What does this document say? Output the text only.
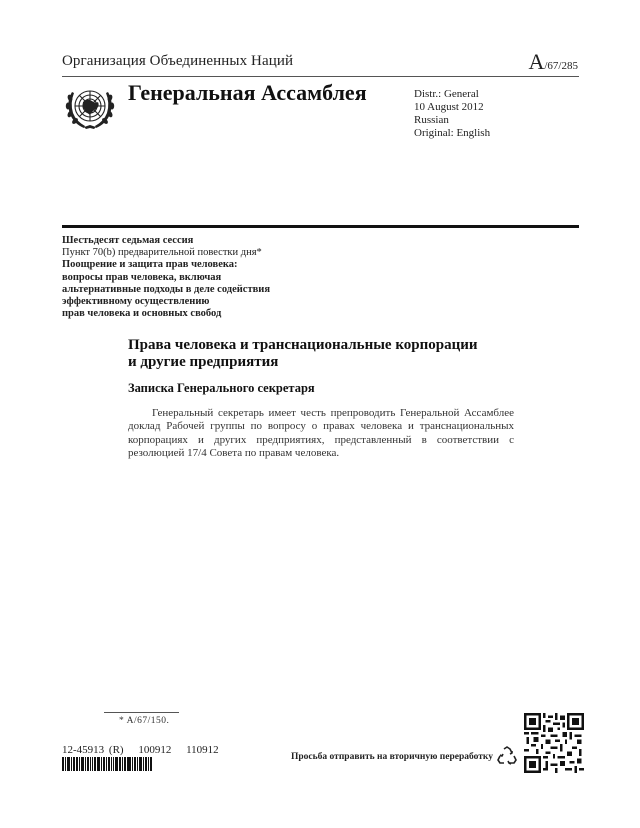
Организация Объединенных Наций	A/67/285
Генеральная Ассамблея	Distr.: General
10 August 2012
Russian
Original: English
Шестьдесят седьмая сессия
Пункт 70(b) предварительной повестки дня*
Поощрение и защита прав человека:
вопросы прав человека, включая
альтернативные подходы в деле содействия
эффективному осуществлению
прав человека и основных свобод
Права человека и транснациональные корпорации
и другие предприятия
Записка Генерального секретаря
Генеральный секретарь имеет честь препроводить Генеральной Ассамблее доклад Рабочей группы по вопросу о правах человека и транснациональных корпорациях и других предприятиях, представленный в соответствии с резолюцией 17/4 Совета по правам человека.
* A/67/150.
12-45913 (R) 100912 110912
Просьба отправить на вторичную переработку
